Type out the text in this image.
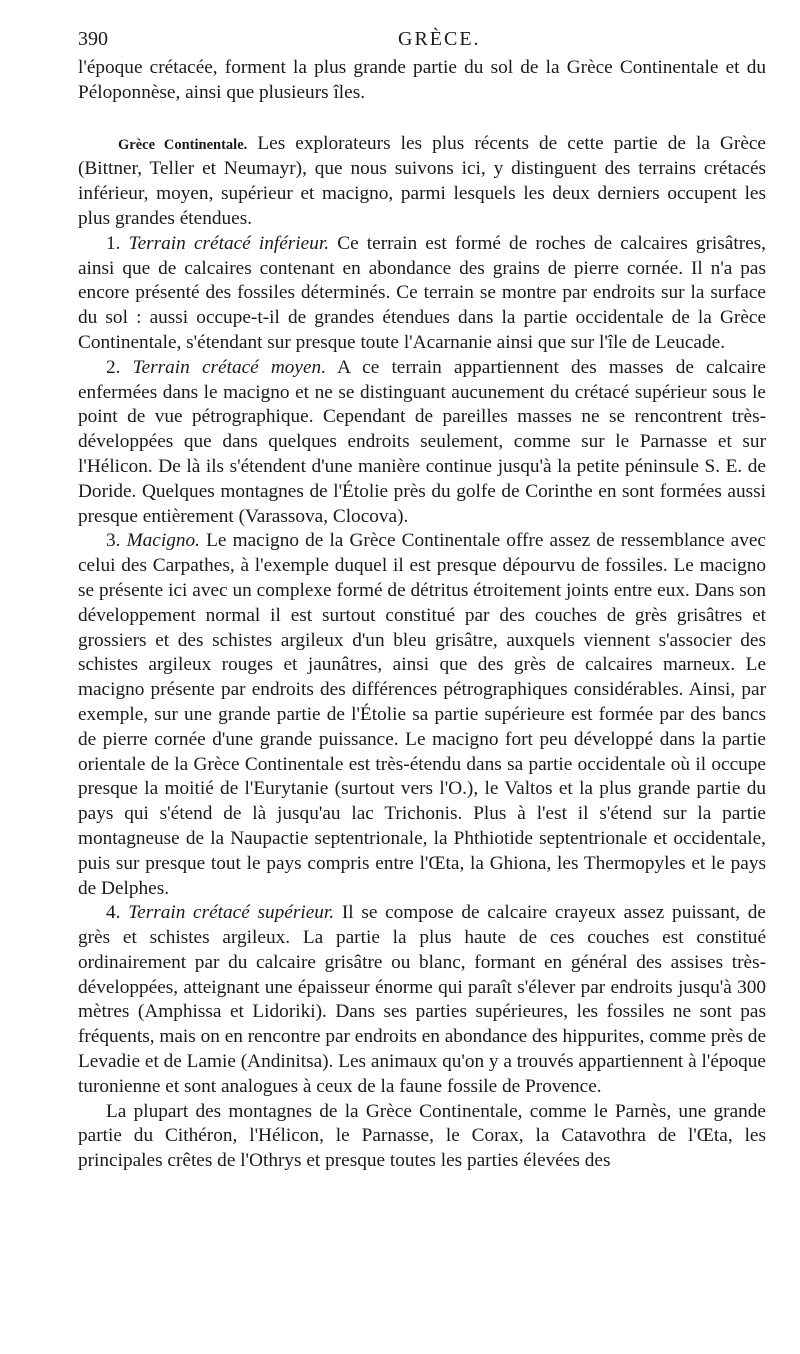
390	GRÈCE.

l'époque crétacée, forment la plus grande partie du sol de la Grèce Continentale et du Péloponnèse, ainsi que plusieurs îles.

Grèce Continentale. Les explorateurs les plus récents de cette partie de la Grèce (Bittner, Teller et Neumayr), que nous suivons ici, y distinguent des terrains crétacés inférieur, moyen, supérieur et macigno, parmi lesquels les deux derniers occupent les plus grandes étendues.

1. Terrain crétacé inférieur. Ce terrain est formé de roches de calcaires grisâtres, ainsi que de calcaires contenant en abondance des grains de pierre cornée. Il n'a pas encore présenté des fossiles déterminés. Ce terrain se montre par endroits sur la surface du sol : aussi occupe-t-il de grandes étendues dans la partie occidentale de la Grèce Continentale, s'étendant sur presque toute l'Acarnanie ainsi que sur l'île de Leucade.

2. Terrain crétacé moyen. A ce terrain appartiennent des masses de calcaire enfermées dans le macigno et ne se distinguant aucunement du crétacé supérieur sous le point de vue pétrographique. Cependant de pareilles masses ne se rencontrent très-développées que dans quelques endroits seulement, comme sur le Parnasse et sur l'Hélicon. De là ils s'étendent d'une manière continue jusqu'à la petite péninsule S. E. de Doride. Quelques montagnes de l'Étolie près du golfe de Corinthe en sont formées aussi presque entièrement (Varassova, Clocova).

3. Macigno. Le macigno de la Grèce Continentale offre assez de ressemblance avec celui des Carpathes, à l'exemple duquel il est presque dépourvu de fossiles. Le macigno se présente ici avec un complexe formé de détritus étroitement joints entre eux. Dans son développement normal il est surtout constitué par des couches de grès grisâtres et grossiers et des schistes argileux d'un bleu grisâtre, auxquels viennent s'associer des schistes argileux rouges et jaunâtres, ainsi que des grès de calcaires marneux. Le macigno présente par endroits des différences pétrographiques considérables. Ainsi, par exemple, sur une grande partie de l'Étolie sa partie supérieure est formée par des bancs de pierre cornée d'une grande puissance. Le macigno fort peu développé dans la partie orientale de la Grèce Continentale est très-étendu dans sa partie occidentale où il occupe presque la moitié de l'Eurytanie (surtout vers l'O.), le Valtos et la plus grande partie du pays qui s'étend de là jusqu'au lac Trichonis. Plus à l'est il s'étend sur la partie montagneuse de la Naupactie septentrionale, la Phthiotide septentrionale et occidentale, puis sur presque tout le pays compris entre l'Œta, la Ghiona, les Thermopyles et le pays de Delphes.

4. Terrain crétacé supérieur. Il se compose de calcaire crayeux assez puissant, de grès et schistes argileux. La partie la plus haute de ces couches est constitué ordinairement par du calcaire grisâtre ou blanc, formant en général des assises très-développées, atteignant une épaisseur énorme qui paraît s'élever par endroits jusqu'à 300 mètres (Amphissa et Lidoriki). Dans ses parties supérieures, les fossiles ne sont pas fréquents, mais on en rencontre par endroits en abondance des hippurites, comme près de Levadie et de Lamie (Andinitsa). Les animaux qu'on y a trouvés appartiennent à l'époque turonienne et sont analogues à ceux de la faune fossile de Provence.

La plupart des montagnes de la Grèce Continentale, comme le Parnès, une grande partie du Cithéron, l'Hélicon, le Parnasse, le Corax, la Catavothra de l'Œta, les principales crêtes de l'Othrys et presque toutes les parties élevées des
